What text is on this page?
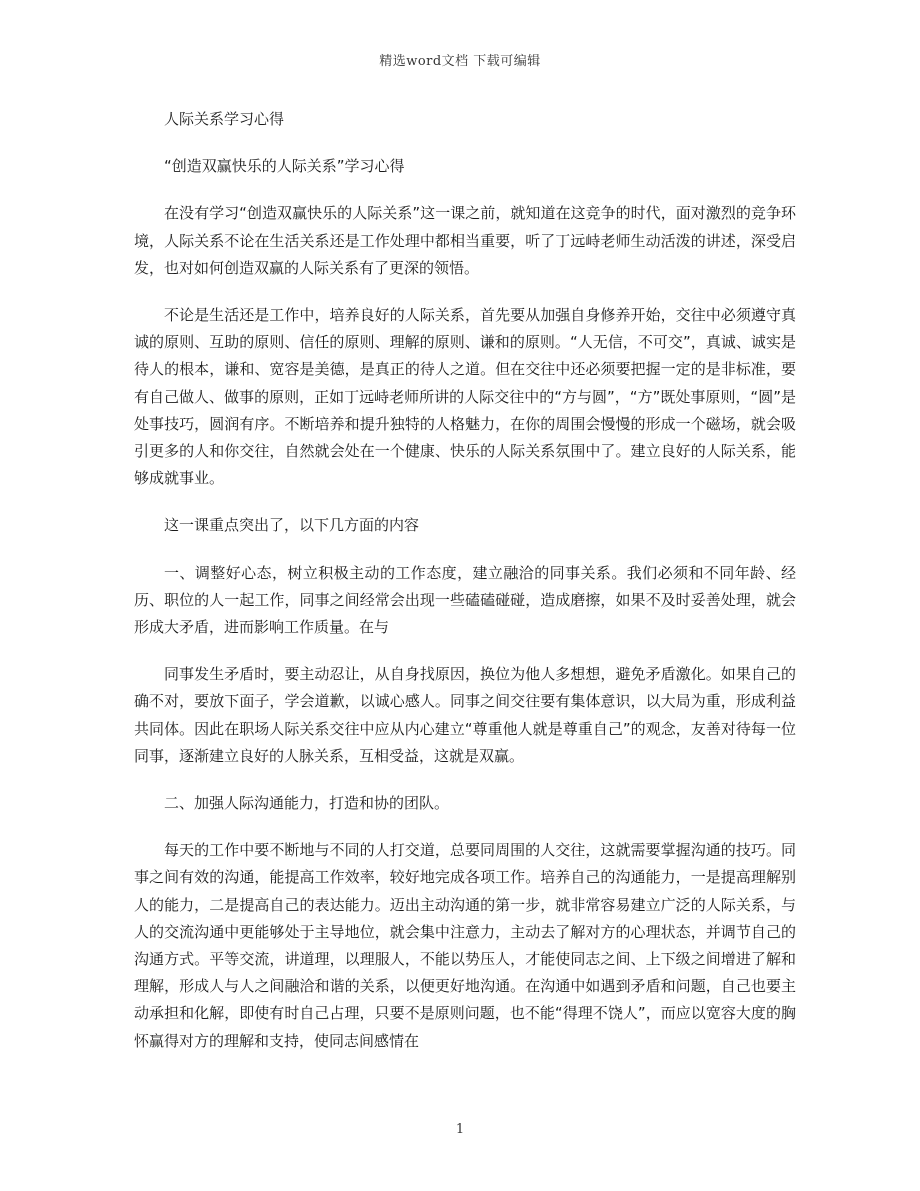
精选word文档 下载可编辑

人际关系学习心得

“创造双赢快乐的人际关系”学习心得

在没有学习“创造双赢快乐的人际关系”这一课之前，就知道在这竞争的时代，面对激烈的竞争环境，人际关系不论在生活关系还是工作处理中都相当重要，听了丁远峙老师生动活泼的讲述，深受启发，也对如何创造双赢的人际关系有了更深的领悟。

不论是生活还是工作中，培养良好的人际关系，首先要从加强自身修养开始，交往中必须遵守真诚的原则、互助的原则、信任的原则、理解的原则、谦和的原则。“人无信，不可交”，真诚、诚实是待人的根本，谦和、宽容是美德，是真正的待人之道。但在交往中还必须要把握一定的是非标准，要有自己做人、做事的原则，正如丁远峙老师所讲的人际交往中的“方与圆”，“方”既处事原则，“圆”是处事技巧，圆润有序。不断培养和提升独特的人格魅力，在你的周围会慢慢的形成一个磁场，就会吸引更多的人和你交往，自然就会处在一个健康、快乐的人际关系氛围中了。建立良好的人际关系，能够成就事业。

这一课重点突出了，以下几方面的内容

一、调整好心态，树立积极主动的工作态度，建立融洽的同事关系。我们必须和不同年龄、经历、职位的人一起工作，同事之间经常会出现一些磕磕碰碰，造成磨擦，如果不及时妥善处理，就会形成大矛盾，进而影响工作质量。在与

同事发生矛盾时，要主动忍让，从自身找原因，换位为他人多想想，避免矛盾激化。如果自己的确不对，要放下面子，学会道歉，以诚心感人。同事之间交往要有集体意识，以大局为重，形成利益共同体。因此在职场人际关系交往中应从内心建立“尊重他人就是尊重自己”的观念，友善对待每一位同事，逐渐建立良好的人脉关系，互相受益，这就是双赢。

二、加强人际沟通能力，打造和协的团队。

每天的工作中要不断地与不同的人打交道，总要同周围的人交往，这就需要掌握沟通的技巧。同事之间有效的沟通，能提高工作效率，较好地完成各项工作。培养自己的沟通能力，一是提高理解别人的能力，二是提高自己的表达能力。迈出主动沟通的第一步，就非常容易建立广泛的人际关系，与人的交流沟通中更能够处于主导地位，就会集中注意力，主动去了解对方的心理状态，并调节自己的沟通方式。平等交流，讲道理，以理服人，不能以势压人，才能使同志之间、上下级之间增进了解和理解，形成人与人之间融洽和谐的关系，以便更好地沟通。在沟通中如遇到矛盾和问题，自己也要主动承担和化解，即使有时自己占理，只要不是原则问题，也不能“得理不饶人”，而应以宽容大度的胸怀赢得对方的理解和支持，使同志间感情在

1
